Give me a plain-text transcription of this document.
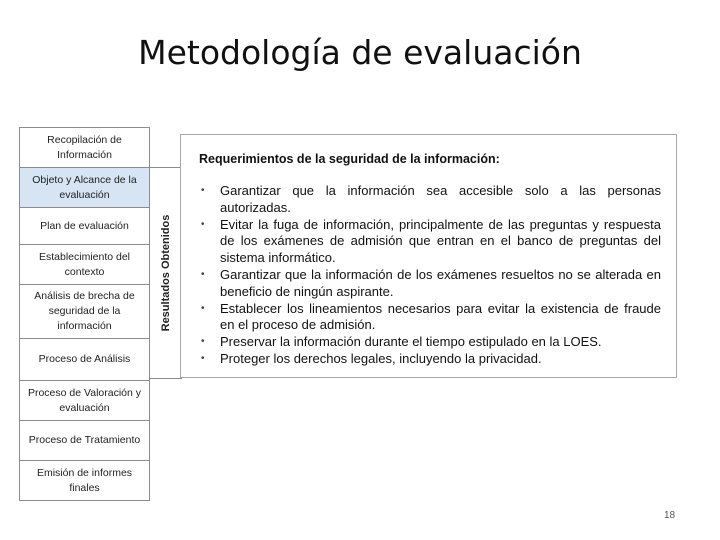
Metodología de evaluación
Recopilación de Información
Objeto y Alcance de la evaluación
Plan de evaluación
Establecimiento del contexto
Análisis de brecha de seguridad de la información
Proceso de Análisis
Proceso de Valoración y evaluación
Proceso de Tratamiento
Emisión de informes finales
Resultados Obtenidos
Requerimientos de la seguridad de la información:
• Garantizar que la información sea accesible solo a las personas autorizadas.
• Evitar la fuga de información, principalmente de las preguntas y respuesta de los exámenes de admisión que entran en el banco de preguntas del sistema informático.
• Garantizar que la información de los exámenes resueltos no se alterada en beneficio de ningún aspirante.
• Establecer los lineamientos necesarios para evitar la existencia de fraude en el proceso de admisión.
• Preservar la información durante el tiempo estipulado en la LOES.
• Proteger los derechos legales, incluyendo la privacidad.
18
